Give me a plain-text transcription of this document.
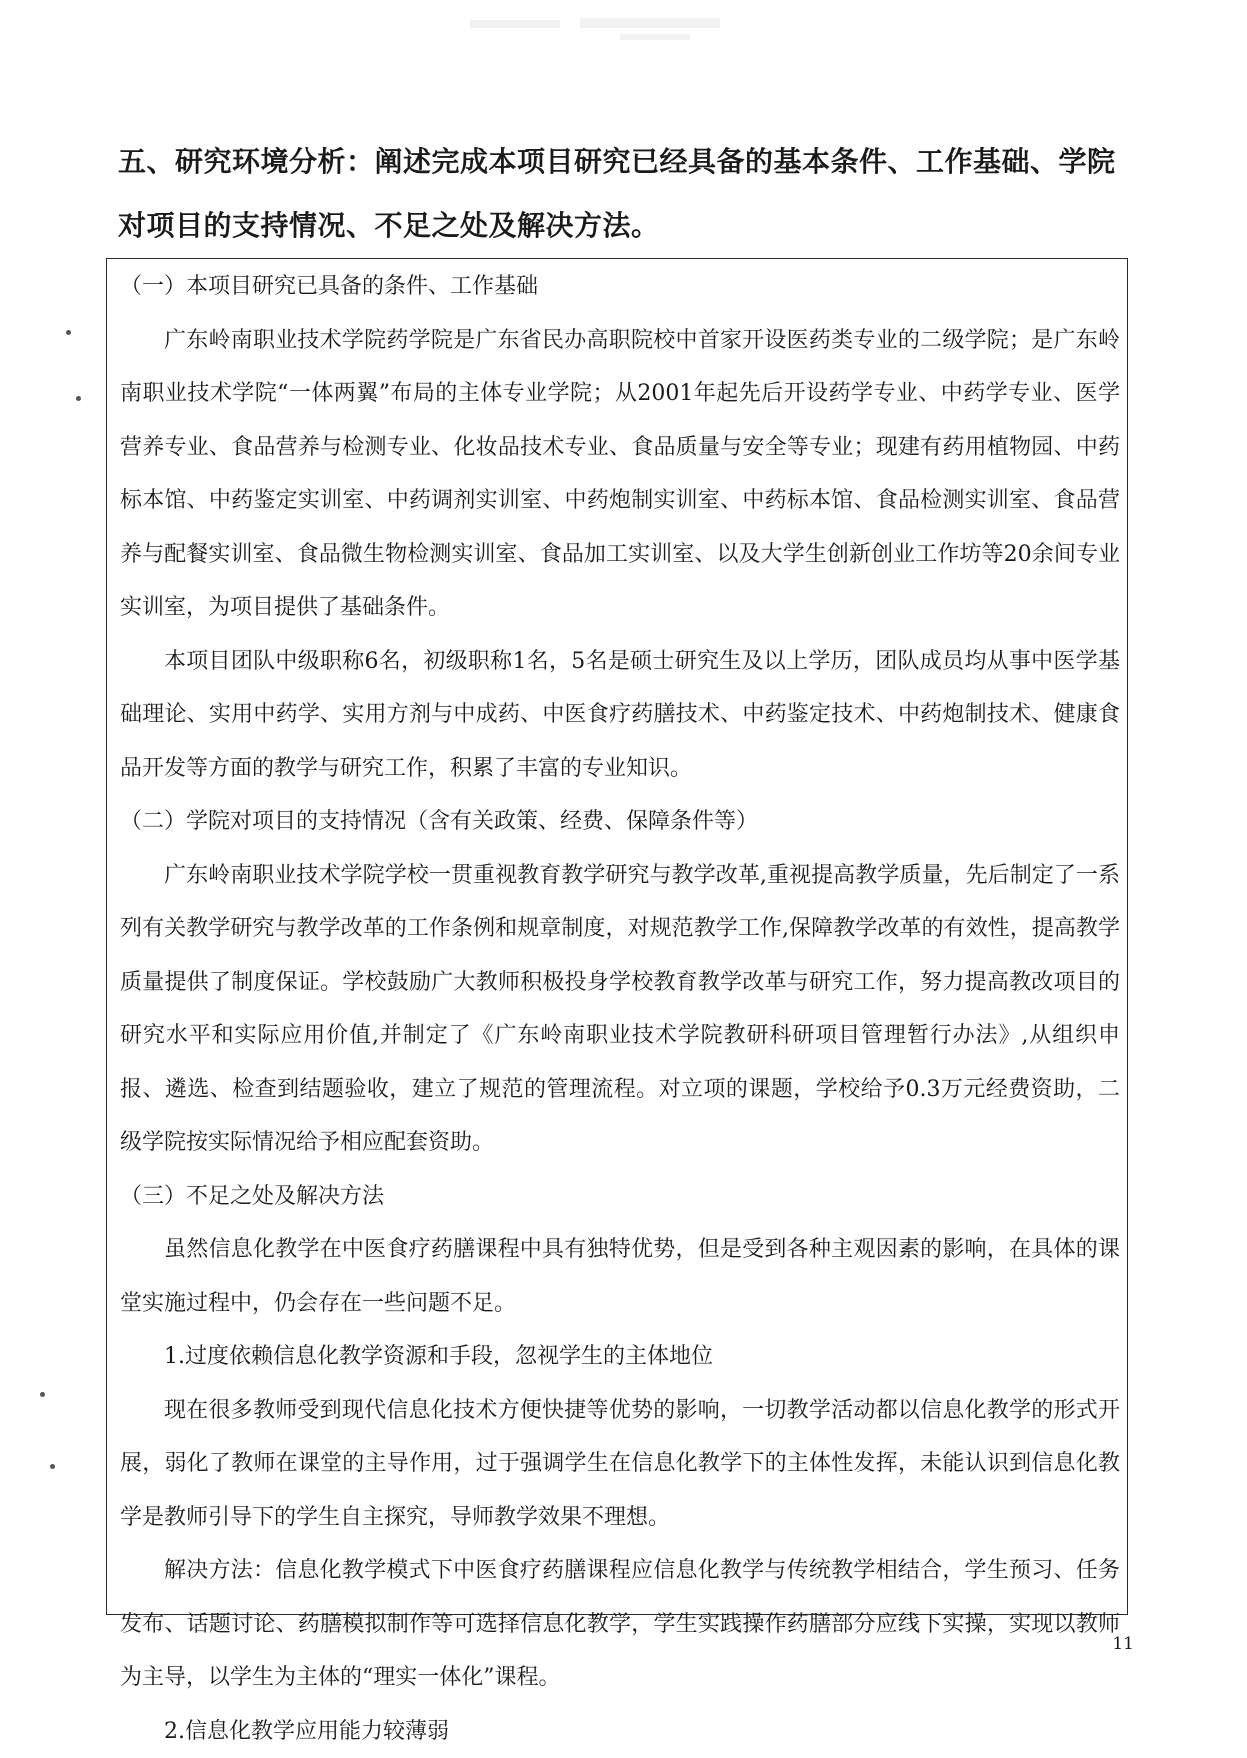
五、研究环境分析：阐述完成本项目研究已经具备的基本条件、工作基础、学院对项目的支持情况、不足之处及解决方法。

（一）本项目研究已具备的条件、工作基础

广东岭南职业技术学院药学院是广东省民办高职院校中首家开设医药类专业的二级学院；是广东岭南职业技术学院“一体两翼”布局的主体专业学院；从2001年起先后开设药学专业、中药学专业、医学营养专业、食品营养与检测专业、化妆品技术专业、食品质量与安全等专业；现建有药用植物园、中药标本馆、中药鉴定实训室、中药调剂实训室、中药炮制实训室、中药标本馆、食品检测实训室、食品营养与配餐实训室、食品微生物检测实训室、食品加工实训室、以及大学生创新创业工作坊等20余间专业实训室，为项目提供了基础条件。

本项目团队中级职称6名，初级职称1名，5名是硕士研究生及以上学历，团队成员均从事中医学基础理论、实用中药学、实用方剂与中成药、中医食疗药膳技术、中药鉴定技术、中药炮制技术、健康食品开发等方面的教学与研究工作，积累了丰富的专业知识。

（二）学院对项目的支持情况（含有关政策、经费、保障条件等）

广东岭南职业技术学院学校一贯重视教育教学研究与教学改革,重视提高教学质量，先后制定了一系列有关教学研究与教学改革的工作条例和规章制度，对规范教学工作,保障教学改革的有效性，提高教学质量提供了制度保证。学校鼓励广大教师积极投身学校教育教学改革与研究工作，努力提高教改项目的研究水平和实际应用价值,并制定了《广东岭南职业技术学院教研科研项目管理暂行办法》,从组织申报、遴选、检查到结题验收，建立了规范的管理流程。对立项的课题，学校给予0.3万元经费资助，二级学院按实际情况给予相应配套资助。

（三）不足之处及解决方法

虽然信息化教学在中医食疗药膳课程中具有独特优势，但是受到各种主观因素的影响，在具体的课堂实施过程中，仍会存在一些问题不足。

1.过度依赖信息化教学资源和手段，忽视学生的主体地位

现在很多教师受到现代信息化技术方便快捷等优势的影响，一切教学活动都以信息化教学的形式开展，弱化了教师在课堂的主导作用，过于强调学生在信息化教学下的主体性发挥，未能认识到信息化教学是教师引导下的学生自主探究，导师教学效果不理想。

解决方法：信息化教学模式下中医食疗药膳课程应信息化教学与传统教学相结合，学生预习、任务发布、话题讨论、药膳模拟制作等可选择信息化教学，学生实践操作药膳部分应线下实操，实现以教师为主导，以学生为主体的“理实一体化”课程。

2.信息化教学应用能力较薄弱

11
